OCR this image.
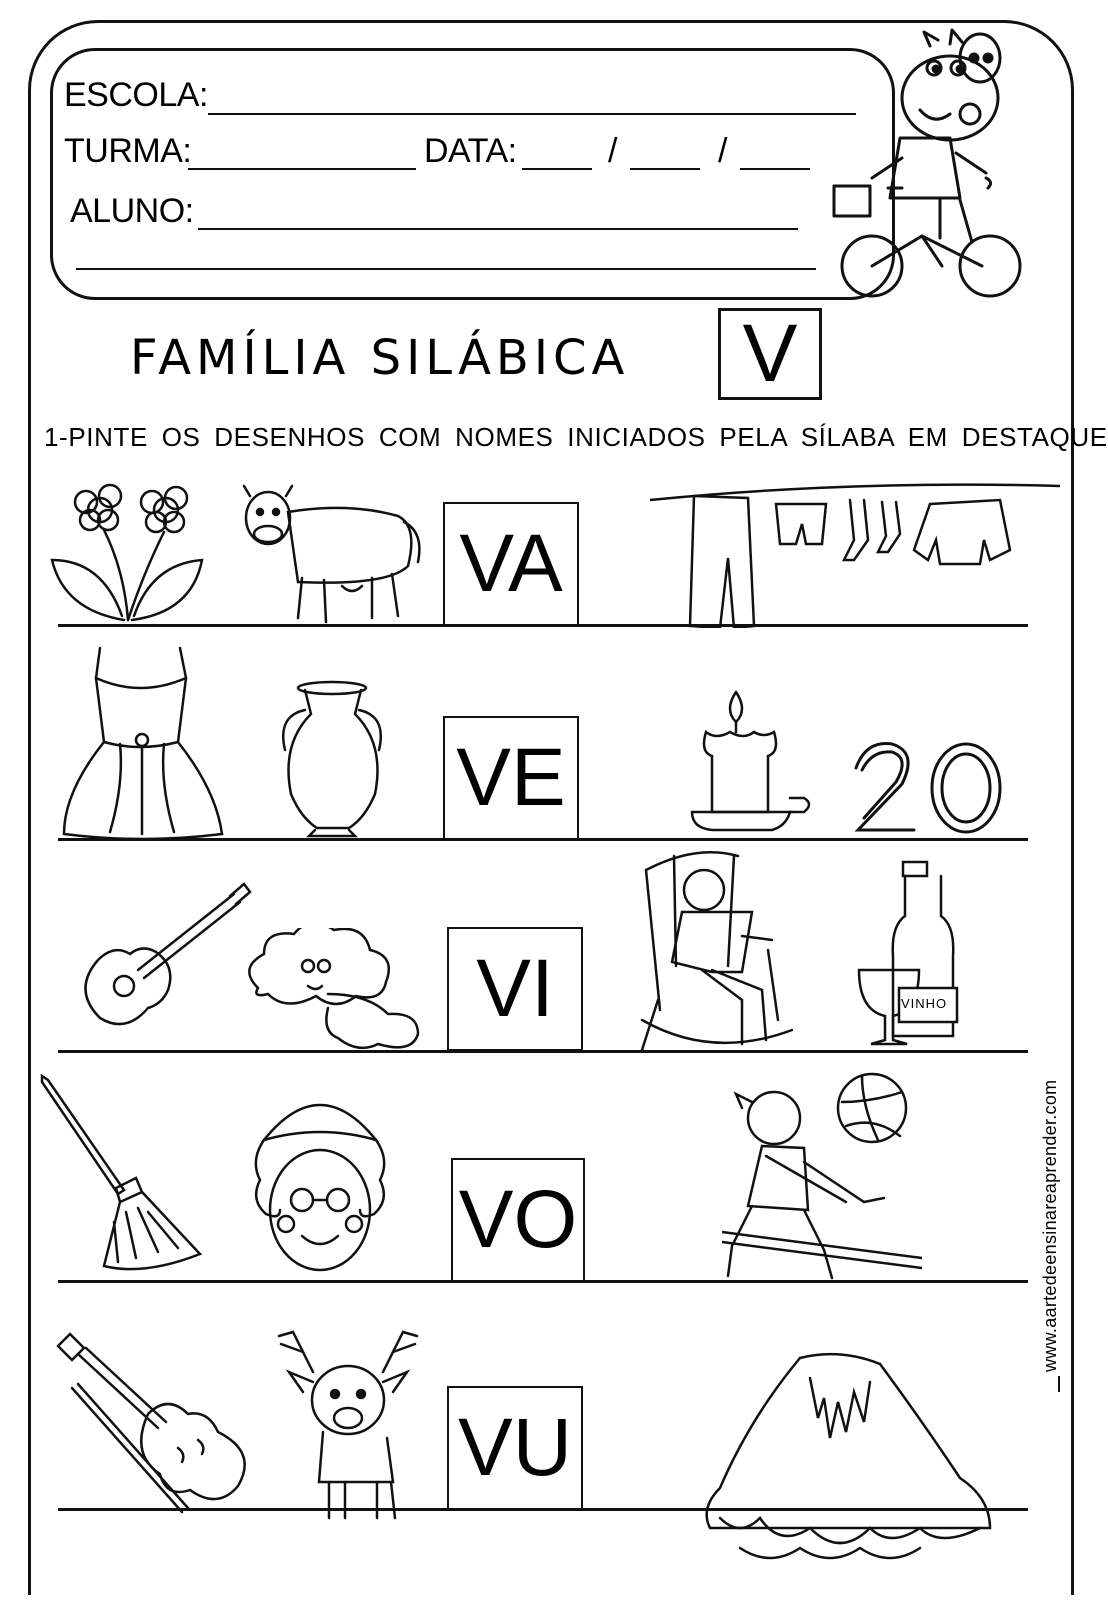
ESCOLA:
TURMA:	DATA:	/	/
ALUNO:
FAMÍLIA SILÁBICA	V
1-PINTE OS DESENHOS COM NOMES INICIADOS PELA SÍLABA EM DESTAQUE
VA
VE
VI	VINHO
VO
VU
www.aartedeensinareaprender.com
